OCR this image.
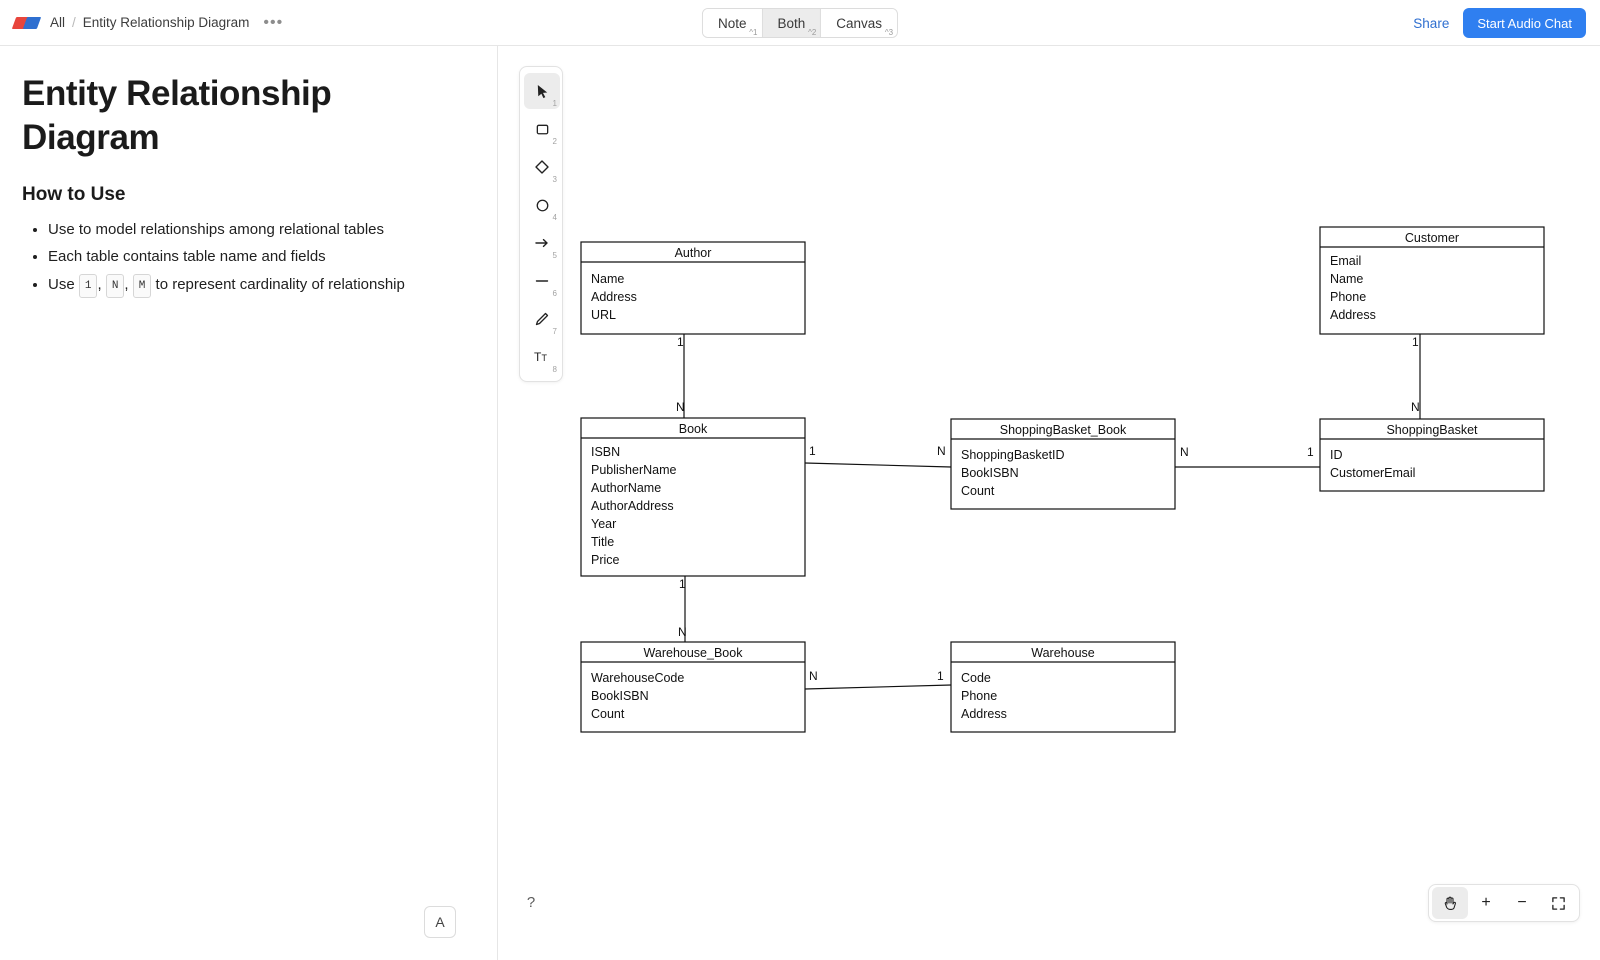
All / Entity Relationship Diagram •••	Note
^1
Both
^2
Canvas
^3
Share	Start Audio Chat
Entity Relationship Diagram
How to Use
• Use to model relationships among relational tables
• Each table contains table name and fields
• Use 1 , N , M to represent cardinality of relationship
A
Author
Name
Address
URL
Book
ISBN
PublisherName
AuthorName
AuthorAddress
Year
Title
Price
Warehouse_Book
WarehouseCode
BookISBN
Count
ShoppingBasket_Book
ShoppingBasketID
BookISBN
Count
Warehouse
Code
Phone
Address
Customer
Email
Name
Phone
Address
ShoppingBasket
ID
CustomerEmail
1
N
1	N	N	1
1
N
1
N
N	1
1
2
3
4
5
6
7
T T
8
?	+	−
